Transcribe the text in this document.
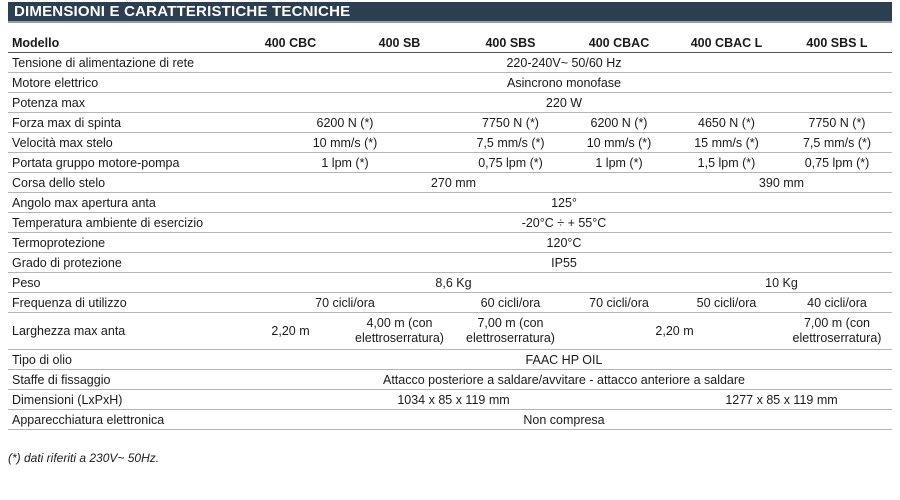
DIMENSIONI E CARATTERISTICHE TECNICHE
Modello	400 CBC	400 SB	400 SBS	400 CBAC	400 CBAC L	400 SBS L
Tensione di alimentazione di rete	220-240V~ 50/60 Hz					
Motore elettrico	Asincrono monofase					
Potenza max	220 W					
Forza max di spinta	6200 N (*)		7750 N (*)	6200 N (*)	4650 N (*)	7750 N (*)
Velocità max stelo	10 mm/s (*)		7,5 mm/s (*)	10 mm/s (*)	15 mm/s (*)	7,5 mm/s (*)
Portata gruppo motore-pompa	1 lpm (*)		0,75 lpm (*)	1 lpm (*)	1,5 lpm (*)	0,75 lpm (*)
Corsa dello stelo	270 mm				390 mm	
Angolo max apertura anta	125°					
Temperatura ambiente di esercizio	-20°C ÷ + 55°C					
Termoprotezione	120°C					
Grado di protezione	IP55					
Peso	8,6 Kg				10 Kg	
Frequenza di utilizzo	70 cicli/ora		60 cicli/ora	70 cicli/ora	50 cicli/ora	40 cicli/ora
Larghezza max anta	2,20 m	4,00 m (con elettroserratura)	7,00 m (con elettroserratura)	2,20 m		7,00 m (con elettroserratura)
Tipo di olio	FAAC HP OIL					
Staffe di fissaggio	Attacco posteriore a saldare/avvitare - attacco anteriore a saldare					
Dimensioni (LxPxH)	1034 x 85 x 119 mm				1277 x 85 x 119 mm	
Apparecchiatura elettronica	Non compresa					
(*) dati riferiti a 230V~ 50Hz.
